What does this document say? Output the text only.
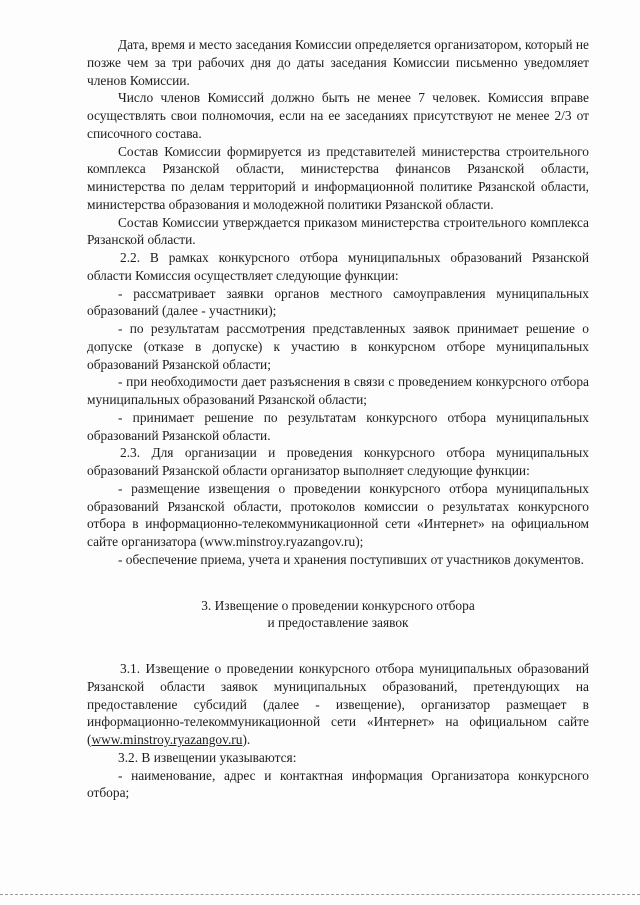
Дата, время и место заседания Комиссии определяется организатором, который не позже чем за три рабочих дня до даты заседания Комиссии письменно уведомляет членов Комиссии.

Число членов Комиссий должно быть не менее 7 человек. Комиссия вправе осуществлять свои полномочия, если на ее заседаниях присутствуют не менее 2/3 от списочного состава.

Состав Комиссии формируется из представителей министерства строительного комплекса Рязанской области, министерства финансов Рязанской области, министерства по делам территорий и информационной политике Рязанской области, министерства образования и молодежной политики Рязанской области.

Состав Комиссии утверждается приказом министерства строительного комплекса Рязанской области.

2.2. В рамках конкурсного отбора муниципальных образований Рязанской области Комиссия осуществляет следующие функции:

- рассматривает заявки органов местного самоуправления муниципальных образований (далее - участники);

- по результатам рассмотрения представленных заявок принимает решение о допуске (отказе в допуске) к участию в конкурсном отборе муниципальных образований Рязанской области;

- при необходимости дает разъяснения в связи с проведением конкурсного отбора муниципальных образований Рязанской области;

- принимает решение по результатам конкурсного отбора муниципальных образований Рязанской области.

2.3. Для организации и проведения конкурсного отбора муниципальных образований Рязанской области организатор выполняет следующие функции:

- размещение извещения о проведении конкурсного отбора муниципальных образований Рязанской области, протоколов комиссии о результатах конкурсного отбора в информационно-телекоммуникационной сети «Интернет» на официальном сайте организатора (www.minstroy.ryazangov.ru);

- обеспечение приема, учета и хранения поступивших от участников документов.

3. Извещение о проведении конкурсного отбора
и предоставление заявок

3.1. Извещение о проведении конкурсного отбора муниципальных образований Рязанской области заявок муниципальных образований, претендующих на предоставление субсидий (далее - извещение), организатор размещает в информационно-телекоммуникационной сети «Интернет» на официальном сайте (www.minstroy.ryazangov.ru).

3.2. В извещении указываются:

- наименование, адрес и контактная информация Организатора конкурсного отбора;
